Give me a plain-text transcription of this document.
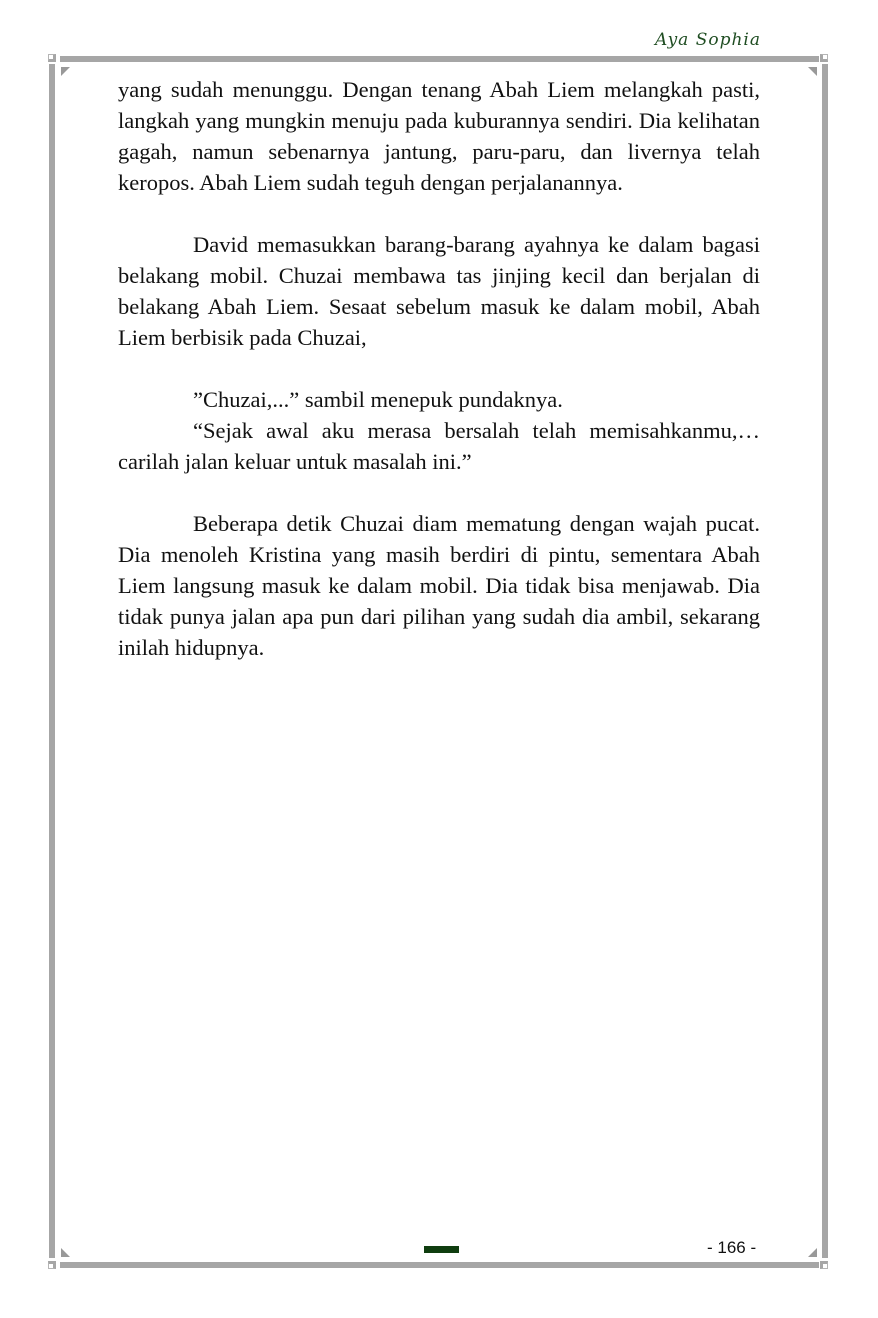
Aya Sophia

yang sudah menunggu. Dengan tenang Abah Liem melangkah pasti, langkah yang mungkin menuju pada kuburannya sendiri. Dia kelihatan gagah, namun sebenarnya jantung, paru-paru, dan livernya telah keropos. Abah Liem sudah teguh dengan perjalanannya.

David memasukkan barang-barang ayahnya ke dalam bagasi belakang mobil. Chuzai membawa tas jinjing kecil dan berjalan di belakang Abah Liem. Sesaat sebelum masuk ke dalam mobil, Abah Liem berbisik pada Chuzai,

”Chuzai,...” sambil menepuk pundaknya.

“Sejak awal aku merasa bersalah telah memisahkanmu,… carilah jalan keluar untuk masalah ini.”

Beberapa detik Chuzai diam mematung dengan wajah pucat. Dia menoleh Kristina yang masih berdiri di pintu, sementara Abah Liem langsung masuk ke dalam mobil. Dia tidak bisa menjawab. Dia tidak punya jalan apa pun dari pilihan yang sudah dia ambil, sekarang inilah hidupnya.

- 166 -
